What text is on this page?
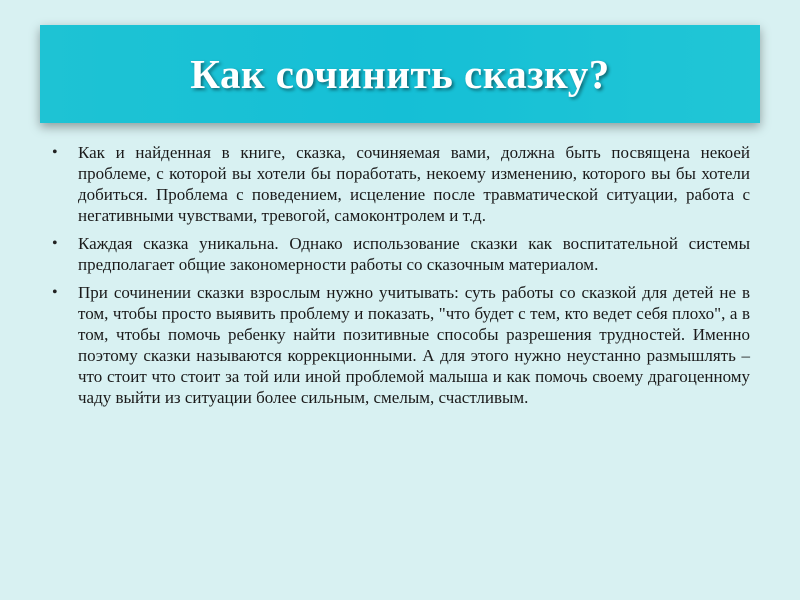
Как сочинить сказку?
• Как и найденная в книге, сказка, сочиняемая вами, должна быть посвящена некоей проблеме, с которой вы хотели бы поработать, некоему изменению, которого вы бы хотели добиться. Проблема с поведением, исцеление после травматической ситуации, работа с негативными чувствами, тревогой, самоконтролем и т.д.
• Каждая сказка уникальна. Однако использование сказки как воспитательной системы предполагает общие закономерности работы со сказочным материалом.
• При сочинении сказки взрослым нужно учитывать: суть работы со сказкой для детей не в том, чтобы просто выявить проблему и показать, "что будет с тем, кто ведет себя плохо", а в том, чтобы помочь ребенку найти позитивные способы разрешения трудностей. Именно поэтому сказки называются коррекционными. А для этого нужно неустанно размышлять – что стоит что стоит за той или иной проблемой малыша и как помочь своему драгоценному чаду выйти из ситуации более сильным, смелым, счастливым.
